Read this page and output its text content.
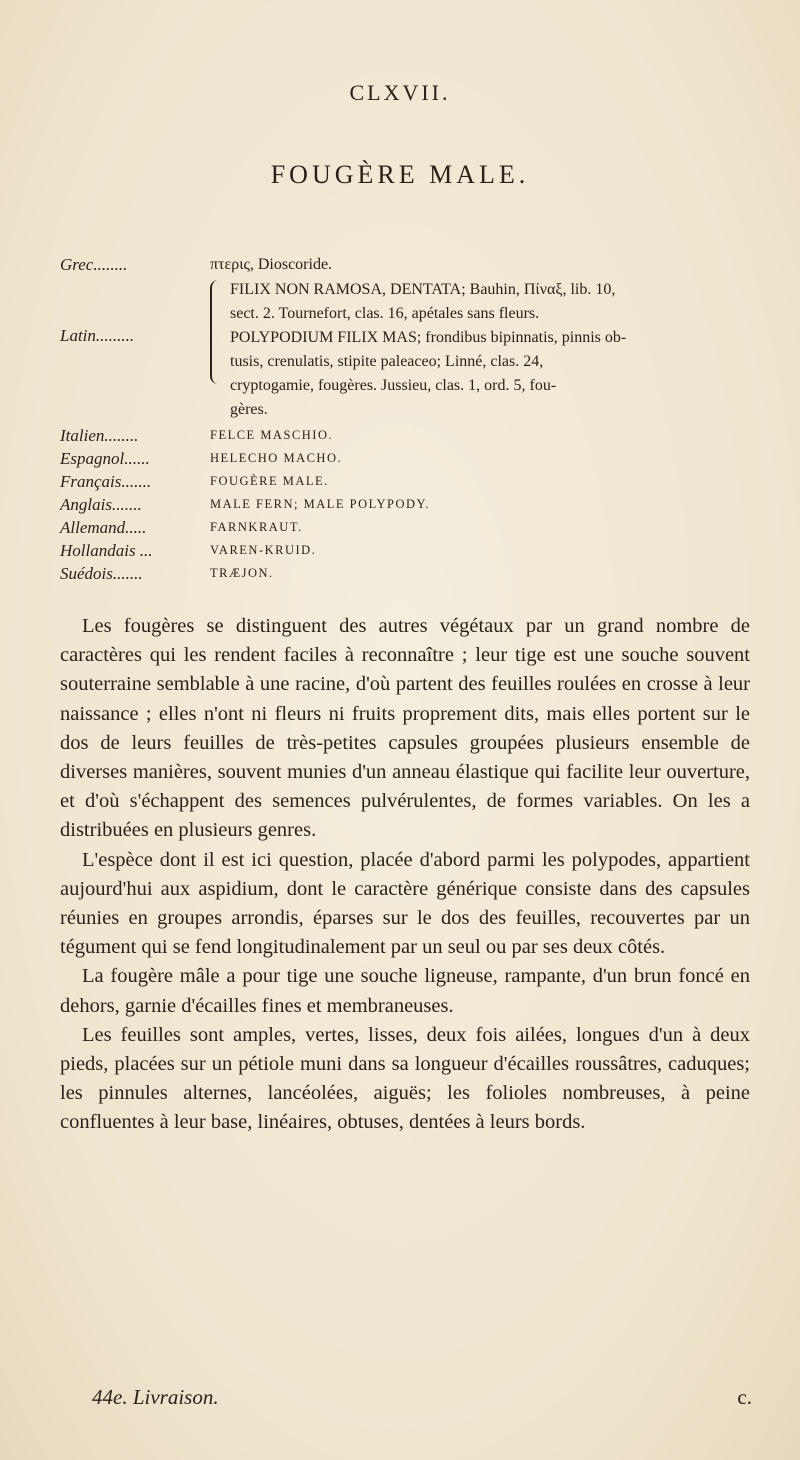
CLXVII.
FOUGÈRE MALE.
Grec........	πτερις, Dioscoride.
Latin.........
FILIX NON RAMOSA, DENTATA; Bauhin, Πίναξ, lib. 10,
sect. 2. Tournefort, clas. 16, apétales sans fleurs.
POLYPODIUM FILIX MAS; frondibus bipinnatis, pinnis ob-
tusis, crenulatis, stipite paleaceo; Linné, clas. 24,
cryptogamie, fougères. Jussieu, clas. 1, ord. 5, fou-
gères.
Italien........	FELCE MASCHIO.
Espagnol......	HELECHO MACHO.
Français.......	FOUGÈRE MALE.
Anglais.......	MALE FERN; MALE POLYPODY.
Allemand.....	FARNKRAUT.
Hollandais ...	VAREN-KRUID.
Suédois.......	TRÆJON.

Les fougères se distinguent des autres végétaux par un grand nombre de caractères qui les rendent faciles à reconnaître ; leur tige est une souche souvent souterraine semblable à une racine, d'où partent des feuilles roulées en crosse à leur naissance ; elles n'ont ni fleurs ni fruits proprement dits, mais elles portent sur le dos de leurs feuilles de très-petites capsules groupées plusieurs ensemble de diverses manières, souvent munies d'un anneau élastique qui facilite leur ouverture, et d'où s'échappent des semences pulvérulentes, de formes variables. On les a distribuées en plusieurs genres.

L'espèce dont il est ici question, placée d'abord parmi les polypodes, appartient aujourd'hui aux aspidium, dont le caractère générique consiste dans des capsules réunies en groupes arrondis, éparses sur le dos des feuilles, recouvertes par un tégument qui se fend longitudinalement par un seul ou par ses deux côtés.

La fougère mâle a pour tige une souche ligneuse, rampante, d'un brun foncé en dehors, garnie d'écailles fines et membraneuses.

Les feuilles sont amples, vertes, lisses, deux fois ailées, longues d'un à deux pieds, placées sur un pétiole muni dans sa longueur d'écailles roussâtres, caduques; les pinnules alternes, lancéolées, aiguës; les folioles nombreuses, à peine confluentes à leur base, linéaires, obtuses, dentées à leurs bords.

44e. Livraison.	c.
